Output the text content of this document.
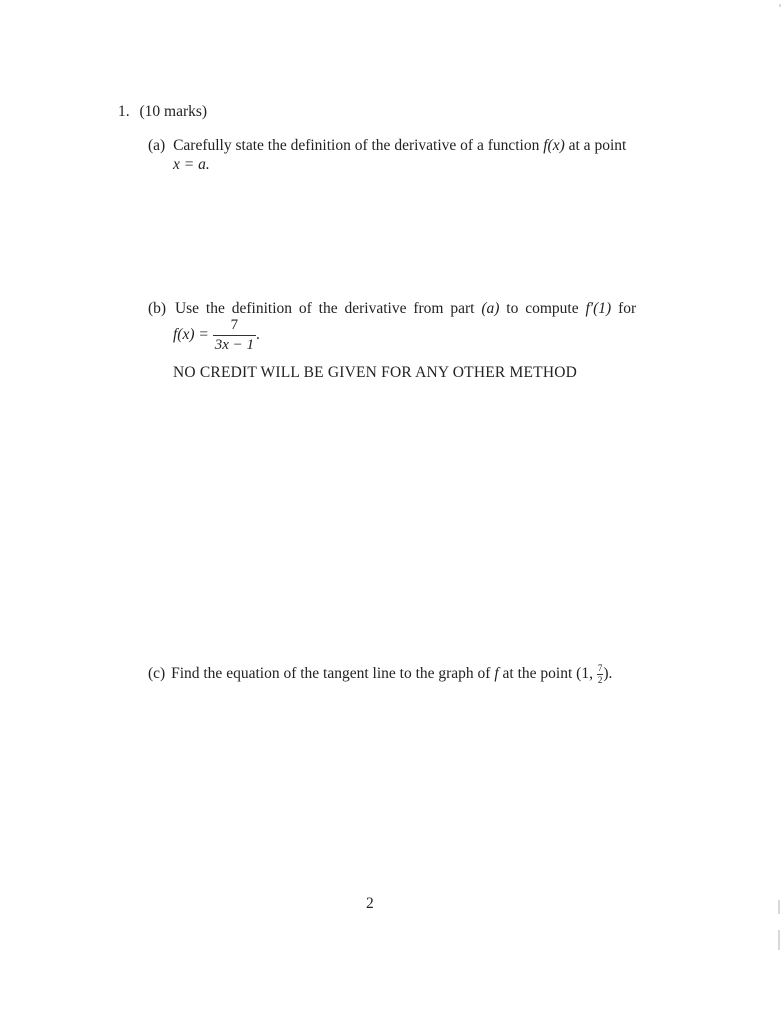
1. (10 marks)
(a) Carefully state the definition of the derivative of a function f(x) at a point
x = a.
(b) Use the definition of the derivative from part (a) to compute f′(1) for
$f(x) = \frac{7}{3x - 1}$ .
NO CREDIT WILL BE GIVEN FOR ANY OTHER METHOD
(c) Find the equation of the tangent line to the graph of f at the point (1, $\frac{7}{2}$ ).
2
